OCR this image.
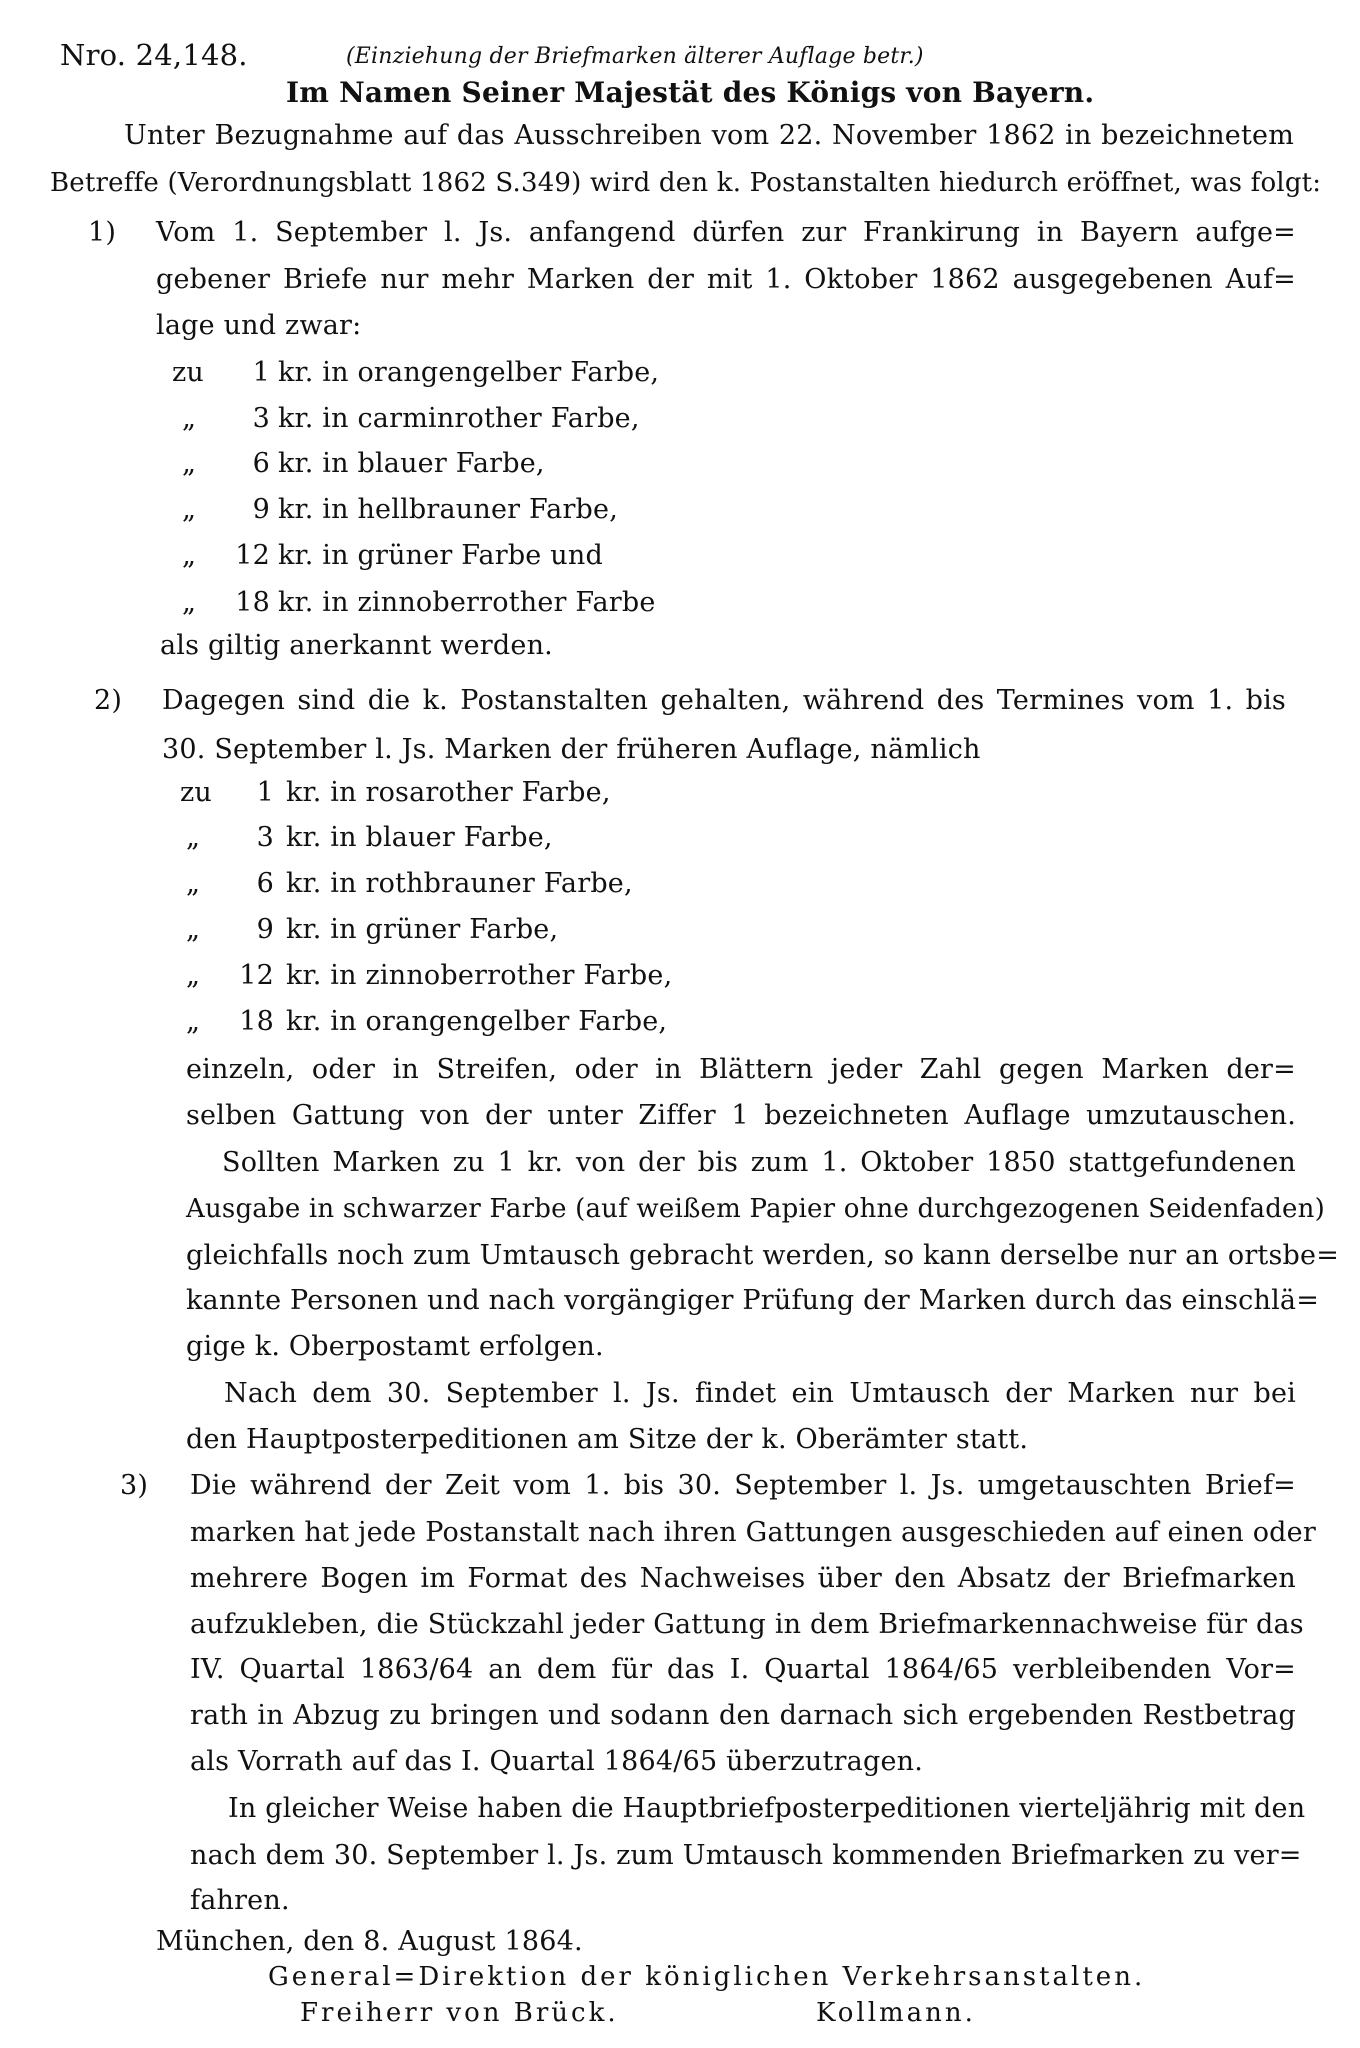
Nro. 24,148.	(Einziehung der Briefmarken älterer Auflage betr.)
Im Namen Seiner Majestät des Königs von Bayern.
Unter Bezugnahme auf das Ausschreiben vom 22. November 1862 in bezeichnetem
Betreffe (Verordnungsblatt 1862 S.349) wird den k. Postanstalten hiedurch eröffnet, was folgt:
1) Vom 1. September l. Js. anfangend dürfen zur Frankirung in Bayern aufge=
gebener Briefe nur mehr Marken der mit 1. Oktober 1862 ausgegebenen Auf=
lage und zwar:
zu	1 kr. in orangengelber Farbe,
„	3 kr. in carminrother Farbe,
„	6 kr. in blauer Farbe,
„	9 kr. in hellbrauner Farbe,
„	12 kr. in grüner Farbe und
„	18 kr. in zinnoberrother Farbe
als giltig anerkannt werden.
2) Dagegen sind die k. Postanstalten gehalten, während des Termines vom 1. bis
30. September l. Js. Marken der früheren Auflage, nämlich
zu	1 kr. in rosarother Farbe,
„	3 kr. in blauer Farbe,
„	6 kr. in rothbrauner Farbe,
„	9 kr. in grüner Farbe,
„	12 kr. in zinnoberrother Farbe,
„	18 kr. in orangengelber Farbe,
einzeln, oder in Streifen, oder in Blättern jeder Zahl gegen Marken der=
selben Gattung von der unter Ziffer 1 bezeichneten Auflage umzutauschen.
Sollten Marken zu 1 kr. von der bis zum 1. Oktober 1850 stattgefundenen
Ausgabe in schwarzer Farbe (auf weißem Papier ohne durchgezogenen Seidenfaden)
gleichfalls noch zum Umtausch gebracht werden, so kann derselbe nur an ortsbe=
kannte Personen und nach vorgängiger Prüfung der Marken durch das einschlä=
gige k. Oberpostamt erfolgen.
Nach dem 30. September l. Js. findet ein Umtausch der Marken nur bei
den Hauptposterpeditionen am Sitze der k. Oberämter statt.
3) Die während der Zeit vom 1. bis 30. September l. Js. umgetauschten Brief=
marken hat jede Postanstalt nach ihren Gattungen ausgeschieden auf einen oder
mehrere Bogen im Format des Nachweises über den Absatz der Briefmarken
aufzukleben, die Stückzahl jeder Gattung in dem Briefmarkennachweise für das
IV. Quartal 1863/64 an dem für das I. Quartal 1864/65 verbleibenden Vor=
rath in Abzug zu bringen und sodann den darnach sich ergebenden Restbetrag
als Vorrath auf das I. Quartal 1864/65 überzutragen.
In gleicher Weise haben die Hauptbriefposterpeditionen vierteljährig mit den
nach dem 30. September l. Js. zum Umtausch kommenden Briefmarken zu ver=
fahren.
München, den 8. August 1864.
General=Direktion der königlichen Verkehrsanstalten.
Freiherr von Brück.	Kollmann.
